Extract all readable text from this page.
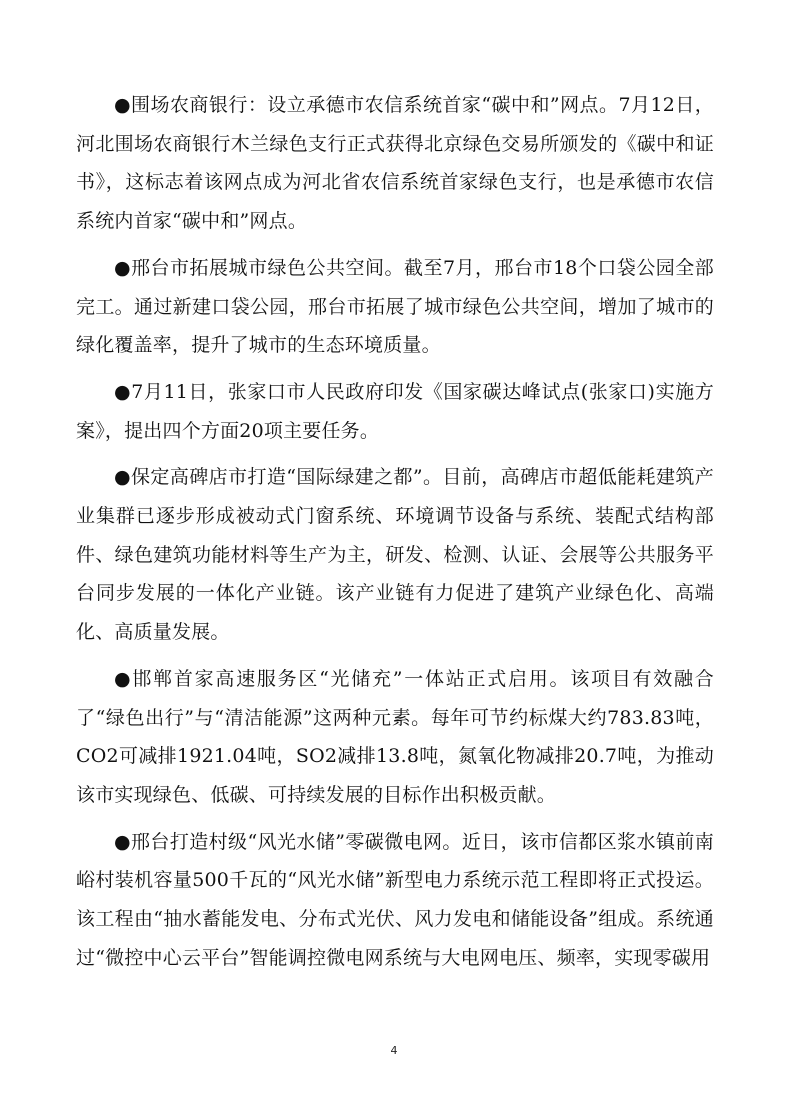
●围场农商银行：设立承德市农信系统首家“碳中和”网点。7月12日，河北围场农商银行木兰绿色支行正式获得北京绿色交易所颁发的《碳中和证书》，这标志着该网点成为河北省农信系统首家绿色支行，也是承德市农信系统内首家“碳中和”网点。

●邢台市拓展城市绿色公共空间。截至7月，邢台市18个口袋公园全部完工。通过新建口袋公园，邢台市拓展了城市绿色公共空间，增加了城市的绿化覆盖率，提升了城市的生态环境质量。

●7月11日，张家口市人民政府印发《国家碳达峰试点(张家口)实施方案》，提出四个方面20项主要任务。

●保定高碑店市打造“国际绿建之都”。目前，高碑店市超低能耗建筑产业集群已逐步形成被动式门窗系统、环境调节设备与系统、装配式结构部件、绿色建筑功能材料等生产为主，研发、检测、认证、会展等公共服务平台同步发展的一体化产业链。该产业链有力促进了建筑产业绿色化、高端化、高质量发展。

●邯郸首家高速服务区“光储充”一体站正式启用。该项目有效融合了“绿色出行”与“清洁能源”这两种元素。每年可节约标煤大约783.83吨，CO2可减排1921.04吨，SO2减排13.8吨，氮氧化物减排20.7吨，为推动该市实现绿色、低碳、可持续发展的目标作出积极贡献。

●邢台打造村级“风光水储”零碳微电网。近日，该市信都区浆水镇前南峪村装机容量500千瓦的“风光水储”新型电力系统示范工程即将正式投运。该工程由“抽水蓄能发电、分布式光伏、风力发电和储能设备”组成。系统通过“微控中心云平台”智能调控微电网系统与大电网电压、频率，实现零碳用

4
